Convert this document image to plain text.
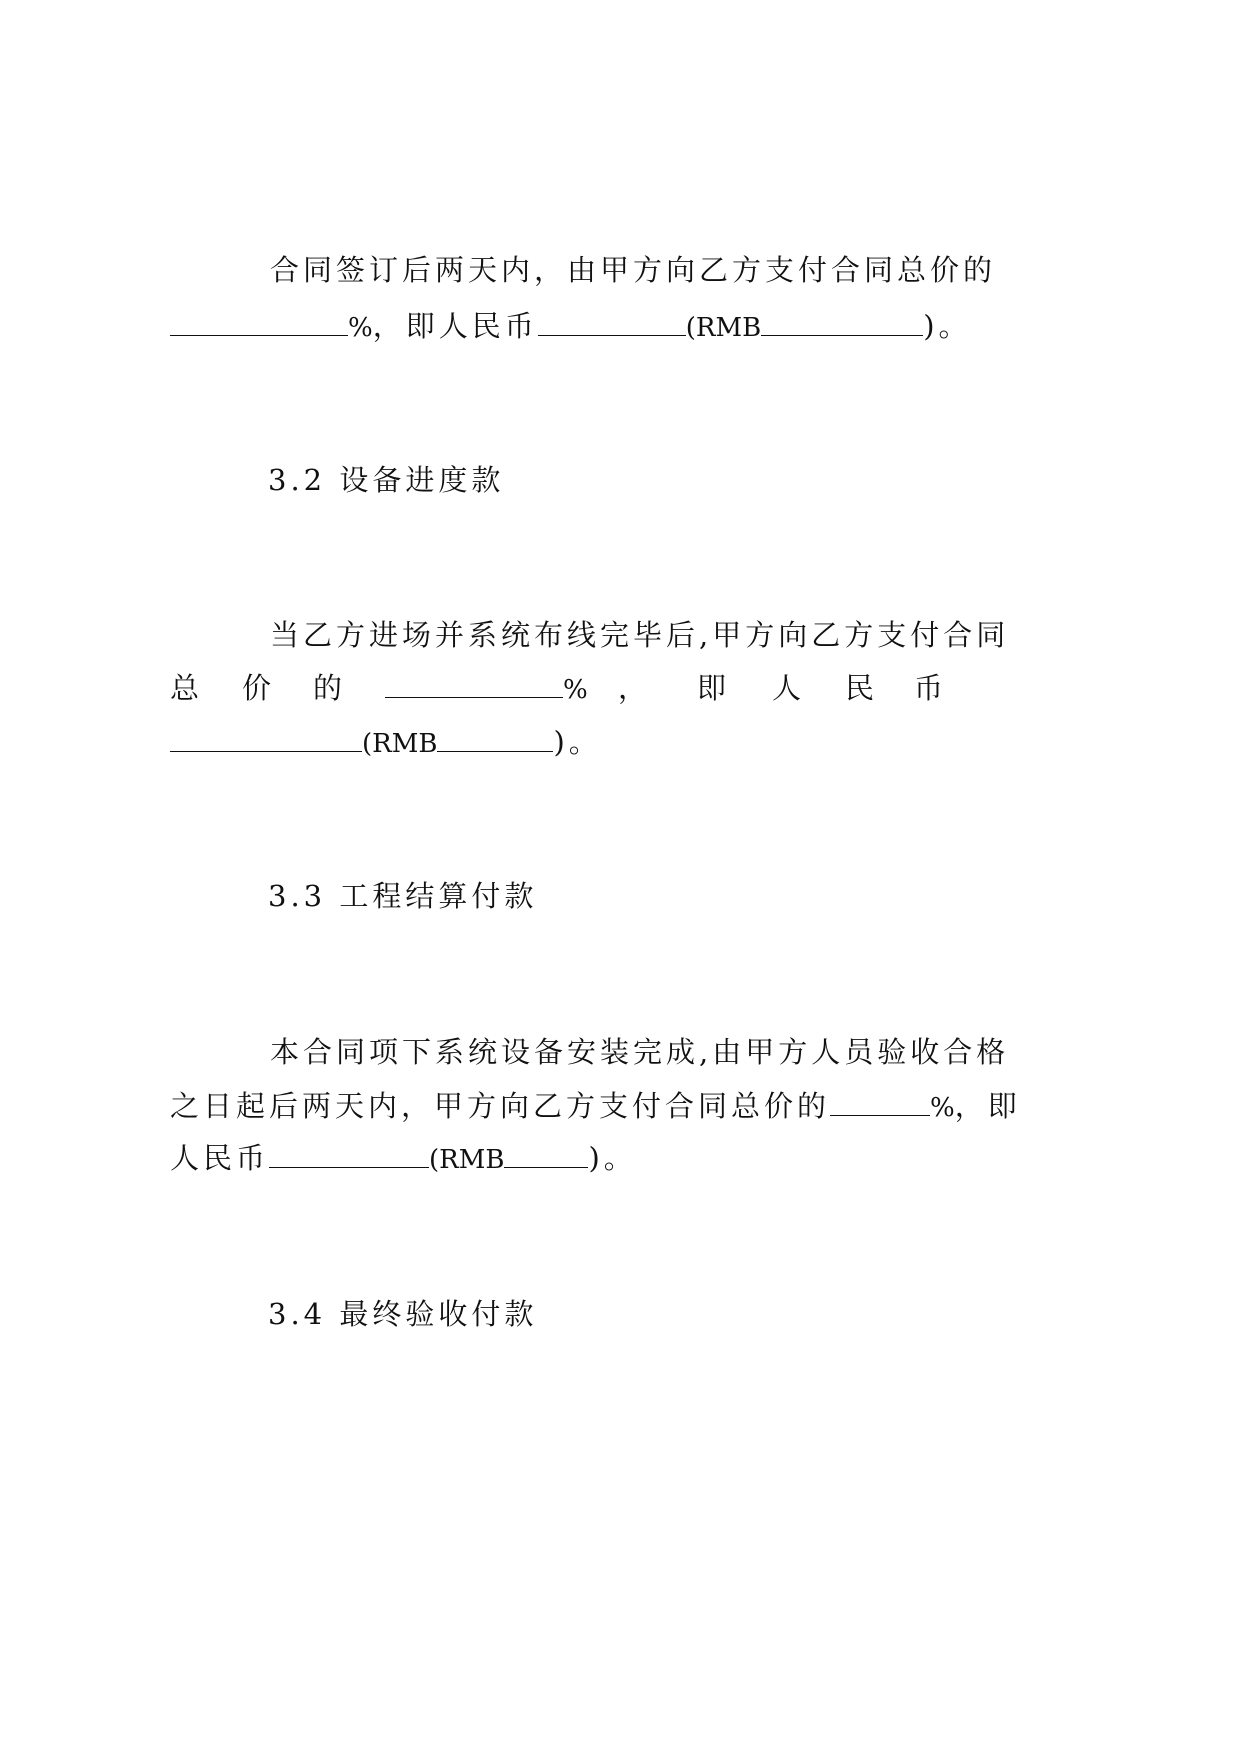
合同签订后两天内，由甲方向乙方支付合同总价的
%，即人民币	(RMB	)。
3.2 设备进度款
当乙方进场并系统布线完毕后,甲方向乙方支付合同
总 价 的	% ， 即 人 民 币
(RMB	)。
3.3 工程结算付款
本合同项下系统设备安装完成,由甲方人员验收合格
之日起后两天内，甲方向乙方支付合同总价的	%，即
人民币	(RMB	)。
3.4 最终验收付款
